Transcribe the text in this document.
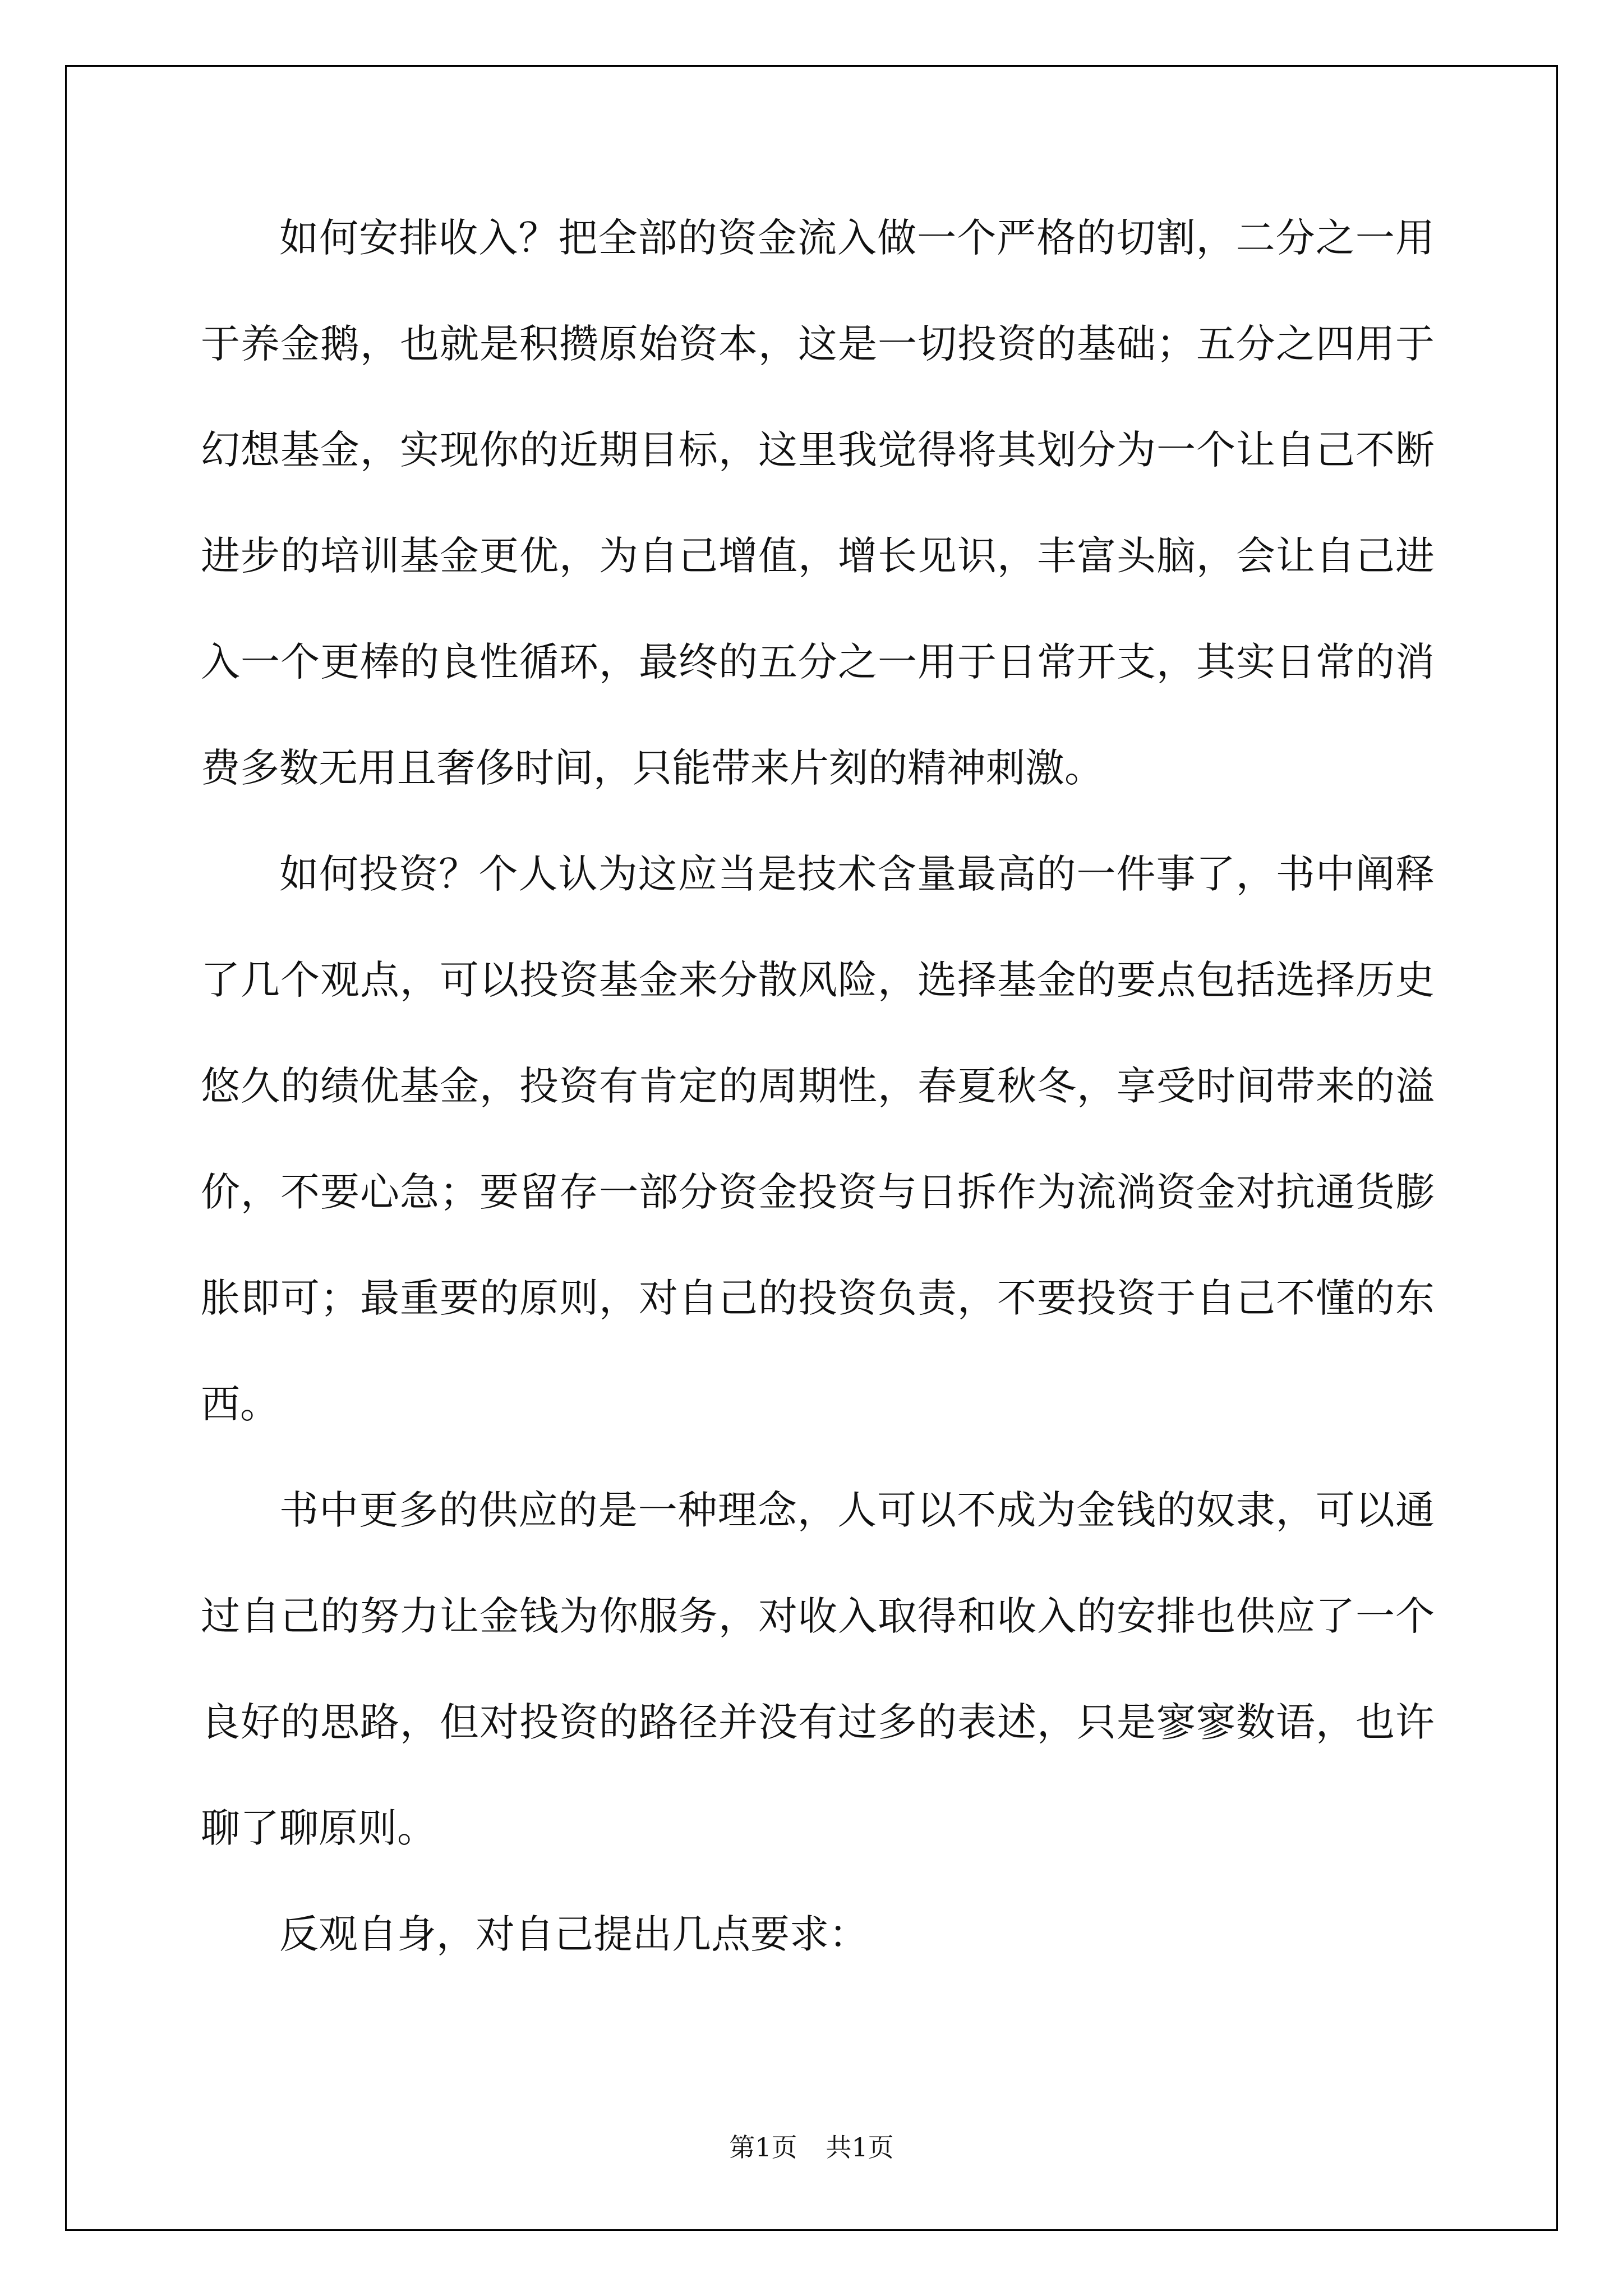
如何安排收入？把全部的资金流入做一个严格的切割，二分之一用于养金鹅，也就是积攒原始资本，这是一切投资的基础；五分之四用于幻想基金，实现你的近期目标，这里我觉得将其划分为一个让自己不断进步的培训基金更优，为自己增值，增长见识，丰富头脑，会让自己进入一个更棒的良性循环，最终的五分之一用于日常开支，其实日常的消费多数无用且奢侈时间，只能带来片刻的精神刺激。

如何投资？个人认为这应当是技术含量最高的一件事了，书中阐释了几个观点，可以投资基金来分散风险，选择基金的要点包括选择历史悠久的绩优基金，投资有肯定的周期性，春夏秋冬，享受时间带来的溢价，不要心急；要留存一部分资金投资与日拆作为流淌资金对抗通货膨胀即可；最重要的原则，对自己的投资负责，不要投资于自己不懂的东西。

书中更多的供应的是一种理念，人可以不成为金钱的奴隶，可以通过自己的努力让金钱为你服务，对收入取得和收入的安排也供应了一个良好的思路，但对投资的路径并没有过多的表述，只是寥寥数语，也许聊了聊原则。

反观自身，对自己提出几点要求：

第1页 共1页
